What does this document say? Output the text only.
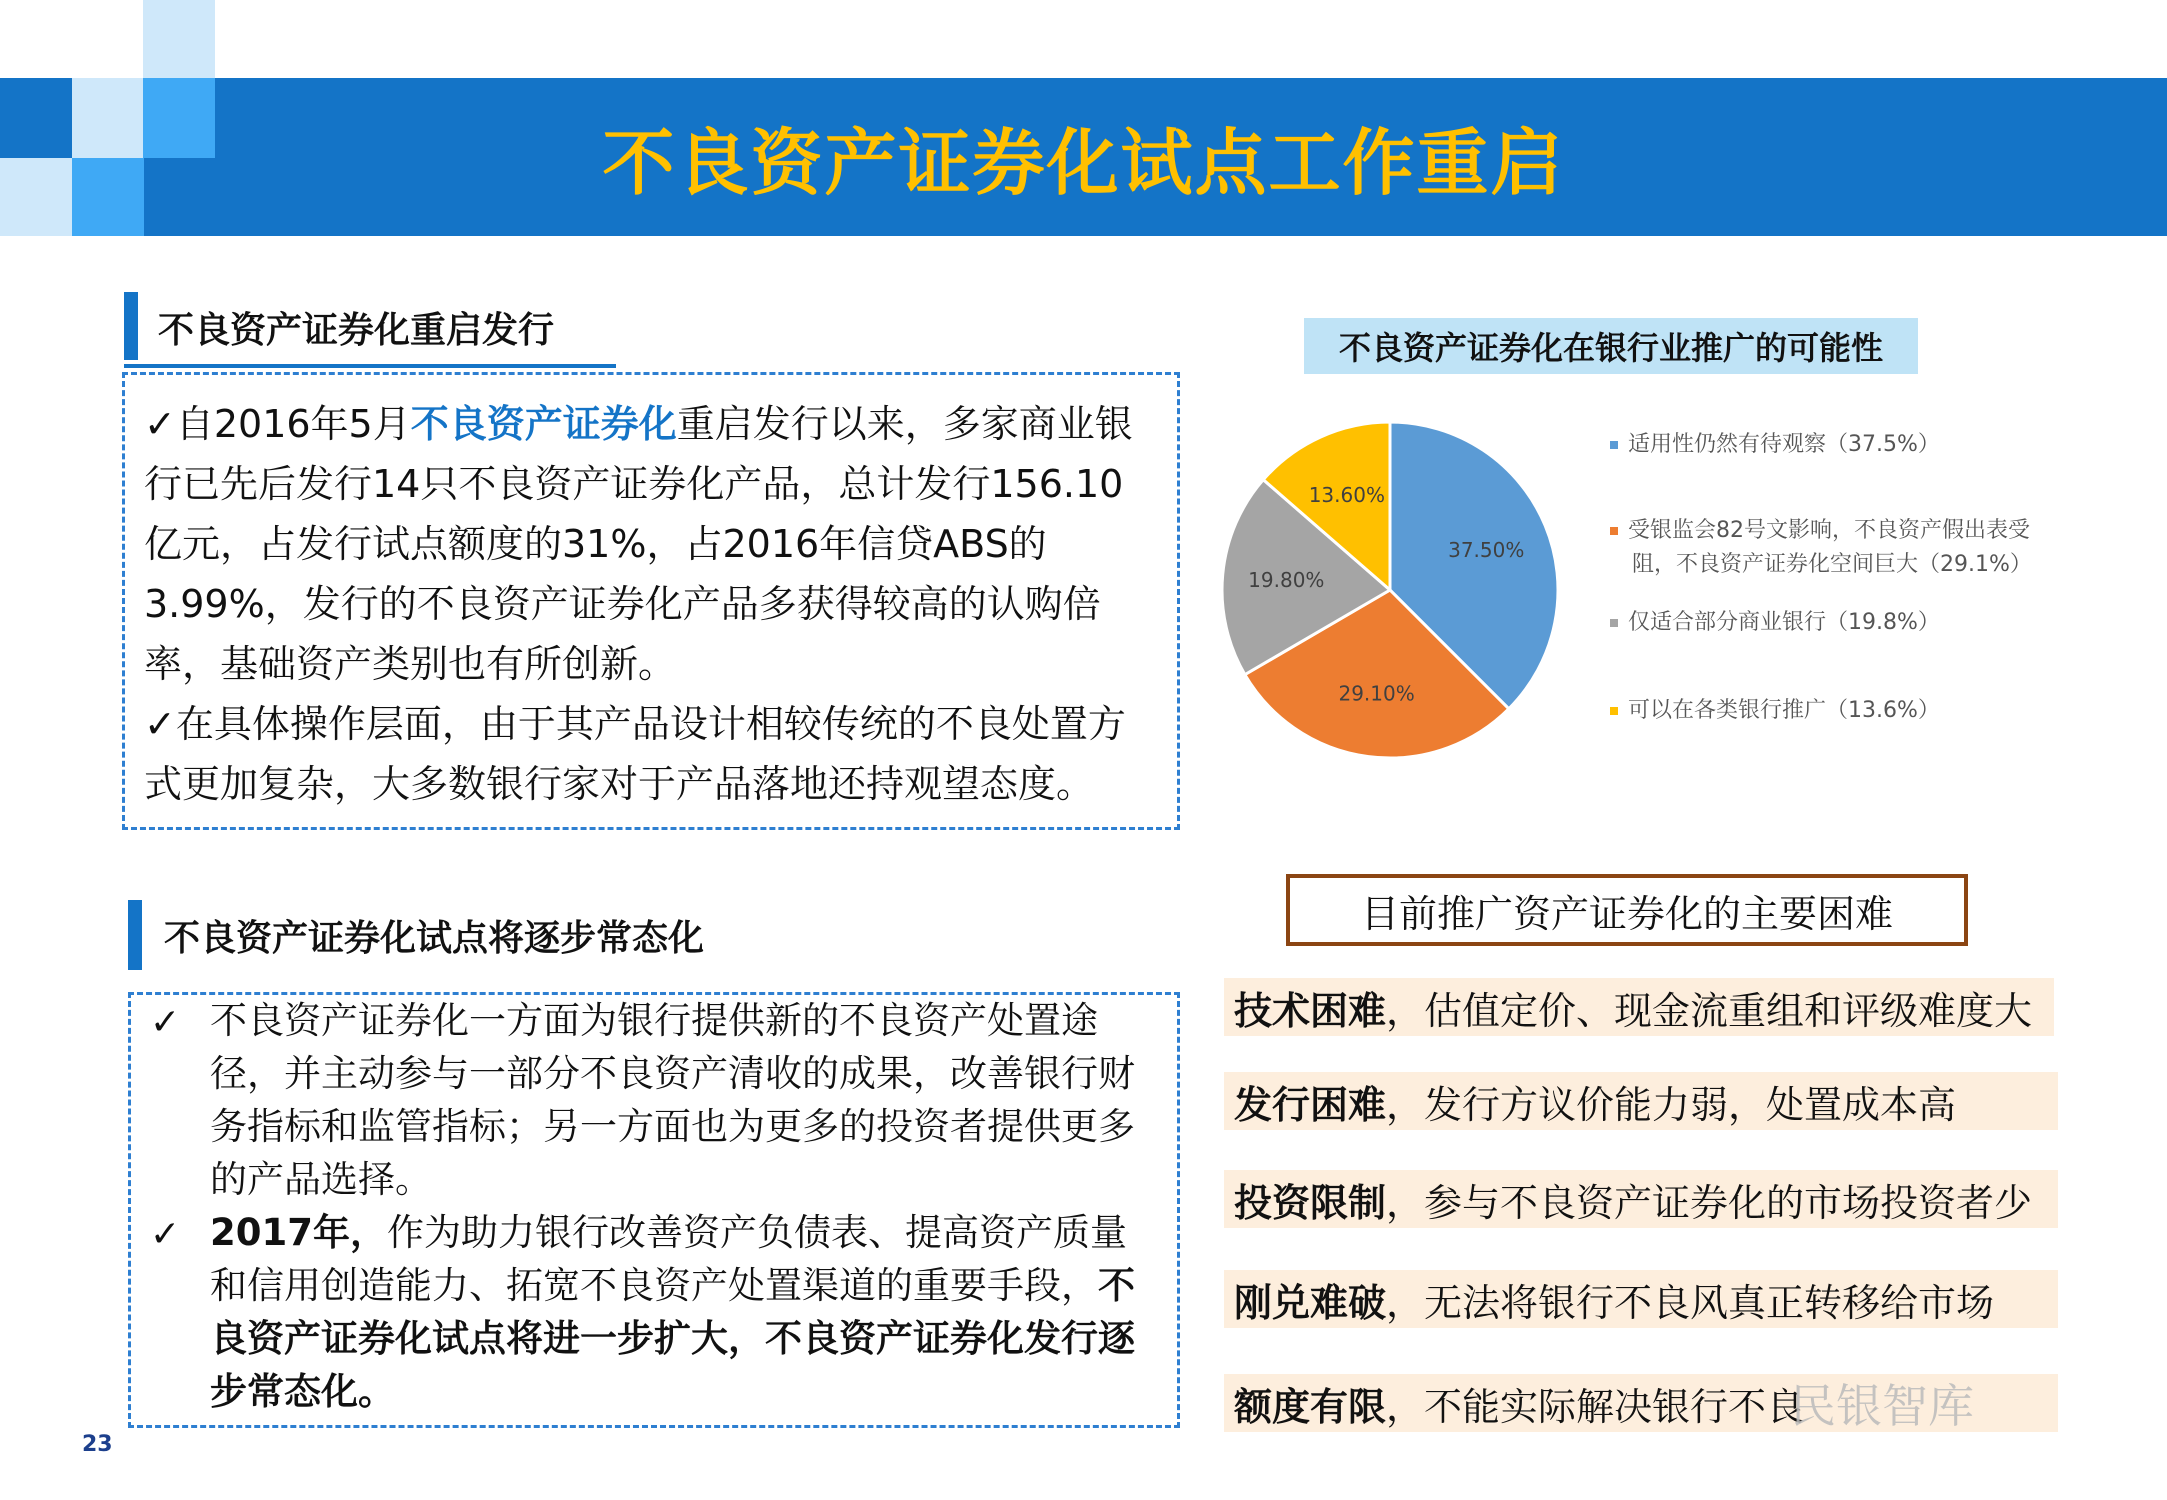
不良资产证券化试点工作重启
不良资产证券化重启发行
✓自2016年5月不良资产证券化重启发行以来，多家商业银行已先后发行14只不良资产证券化产品，总计发行156.10亿元，占发行试点额度的31%，占2016年信贷ABS的3.99%，发行的不良资产证券化产品多获得较高的认购倍率，基础资产类别也有所创新。
✓在具体操作层面，由于其产品设计相较传统的不良处置方式更加复杂，大多数银行家对于产品落地还持观望态度。
不良资产证券化试点将逐步常态化
✓ 不良资产证券化一方面为银行提供新的不良资产处置途径，并主动参与一部分不良资产清收的成果，改善银行财务指标和监管指标；另一方面也为更多的投资者提供更多的产品选择。
✓ 2017年，作为助力银行改善资产负债表、提高资产质量和信用创造能力、拓宽不良资产处置渠道的重要手段，不良资产证券化试点将进一步扩大，不良资产证券化发行逐步常态化。
不良资产证券化在银行业推广的可能性
37.50%
29.10%
19.80%
13.60%
适用性仍然有待观察（37.5%）
受银监会82号文影响，不良资产假出表受
阻，不良资产证券化空间巨大（29.1%）
仅适合部分商业银行（19.8%）
可以在各类银行推广（13.6%）
目前推广资产证券化的主要困难
技术困难 ，估值定价、现金流重组和评级难度大
发行困难 ，发行方议价能力弱，处置成本高
投资限制 ，参与不良资产证券化的市场投资者少
刚兑难破 ，无法将银行不良风真正转移给市场
额度有限 ，不能实际解决银行不良
23
民银智库
